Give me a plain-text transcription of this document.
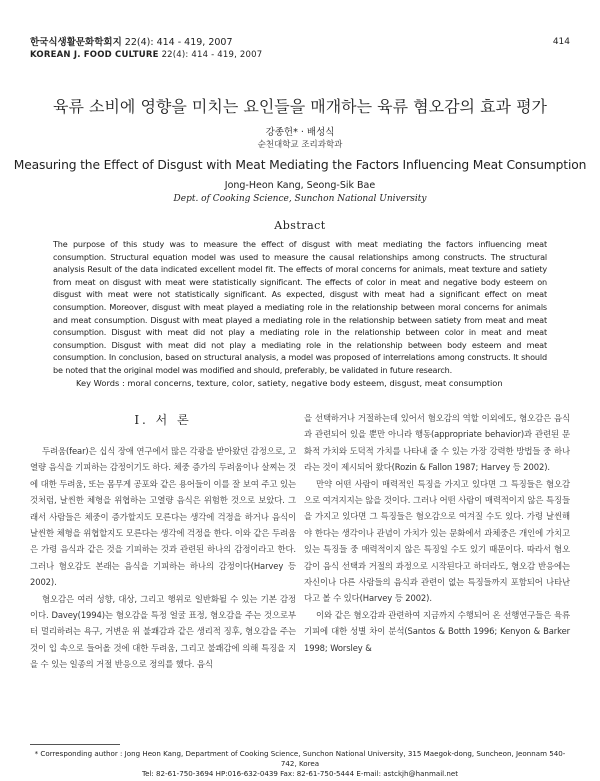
한국식생활문화학회지 22(4): 414 - 419, 2007
KOREAN J. FOOD CULTURE 22(4): 414 - 419, 2007
414
육류 소비에 영향을 미치는 요인들을 매개하는 육류 혐오감의 효과 평가
강종헌* · 배성식
순천대학교 조리과학과
Measuring the Effect of Disgust with Meat Mediating the Factors Influencing Meat Consumption
Jong-Heon Kang, Seong-Sik Bae
Dept. of Cooking Science, Sunchon National University
Abstract
The purpose of this study was to measure the effect of disgust with meat mediating the factors influencing meat consumption. Structural equation model was used to measure the causal relationships among constructs. The structural analysis Result of the data indicated excellent model fit. The effects of moral concerns for animals, meat texture and satiety from meat on disgust with meat were statistically significant. The effects of color in meat and negative body esteem on disgust with meat were not statistically significant. As expected, disgust with meat had a significant effect on meat consumption. Moreover, disgust with meat played a mediating role in the relationship between moral concerns for animals and meat consumption. Disgust with meat played a mediating role in the relationship between satiety from meat and meat consumption. Disgust with meat did not play a mediating role in the relationship between color in meat and meat consumption. Disgust with meat did not play a mediating role in the relationship between body esteem and meat consumption. In conclusion, based on structural analysis, a model was proposed of interrelations among constructs. It should be noted that the original model was modified and should, preferably, be validated in future research.
Key Words : moral concerns, texture, color, satiety, negative body esteem, disgust, meat consumption
Ⅰ. 서 론

두려움(fear)은 십식 장애 연구에서 많은 각광을 받아왔던 감정으로, 고열량 음식을 기피하는 감정이기도 하다. 체중 증가의 두려움이나 살찌는 것에 대한 두려움, 또는 몸무게 공포와 같은 용어들이 이를 잘 보여 주고 있는 것처럼, 날씬한 체형을 위협하는 고열량 음식은 위험한 것으로 보았다. 그래서 사람들은 체중이 증가할지도 모른다는 생각에 걱정을 하거나 음식이 날씬한 체형을 위협할지도 모른다는 생각에 걱정을 한다. 이와 같은 두려움은 가령 음식과 같은 것을 기피하는 것과 관련된 하나의 감정이라고 한다. 그러나 혐오감도 본래는 음식을 기피하는 하나의 감정이다(Harvey 등 2002).

혐오감은 여러 성향, 대상, 그리고 행위로 일반화될 수 있는 기본 감정이다. Davey(1994)는 혐오감을 특정 얼굴 표정, 혐오감을 주는 것으로부터 멀리하려는 욕구, 거변운 위 불쾌감과 같은 생리적 징후, 혐오감을 주는 것이 입 속으로 들어올 것에 대한 두려움, 그리고 불쾌감에 의해 특징을 지을 수 있는 일종의 거절 반응으로 정의를 했다. 음식

을 선택하거나 거절하는데 있어서 혐오감의 역할 이외에도, 혐오감은 음식과 관련되어 있을 뿐만 아니라 행동(appropriate behavior)과 관련된 문화적 가치와 도덕적 가치를 나타내 줄 수 있는 가장 강력한 방법들 중 하나라는 것이 제시되어 왔다(Rozin & Fallon 1987; Harvey 등 2002).

만약 어떤 사람이 매력적인 특징을 가지고 있다면 그 특징들은 혐오감으로 여겨지지는 않을 것이다. 그러나 어떤 사람이 매력적이지 않은 특징들을 가지고 있다면 그 특징들은 혐오감으로 여겨질 수도 있다. 가령 날씬해야 한다는 생각이나 관념이 가치가 있는 문화에서 과체중은 개인에 가치고 있는 특징들 중 매력적이지 않은 특징일 수도 있기 때문이다. 따라서 혐오감이 음식 선택과 거절의 과정으로 시작된다고 하더라도, 혐오감 반응에는 자신이나 다른 사람들의 음식과 관련이 없는 특징들까지 포함되어 나타난다고 볼 수 있다(Harvey 등 2002).

이와 같은 혐오감과 관련하여 지금까지 수행되어 온 선행연구들은 육류 기피에 대한 성별 차이 분석(Santos & Botth 1996; Kenyon & Barker 1998; Worsley &

* Corresponding author : Jong Heon Kang, Department of Cooking Science, Sunchon National University, 315 Maegok-dong, Suncheon, Jeonnam 540-742, Korea
Tel: 82-61-750-3694 HP:016-632-0439 Fax: 82-61-750-5444 E-mail: astckjh@hanmail.net
